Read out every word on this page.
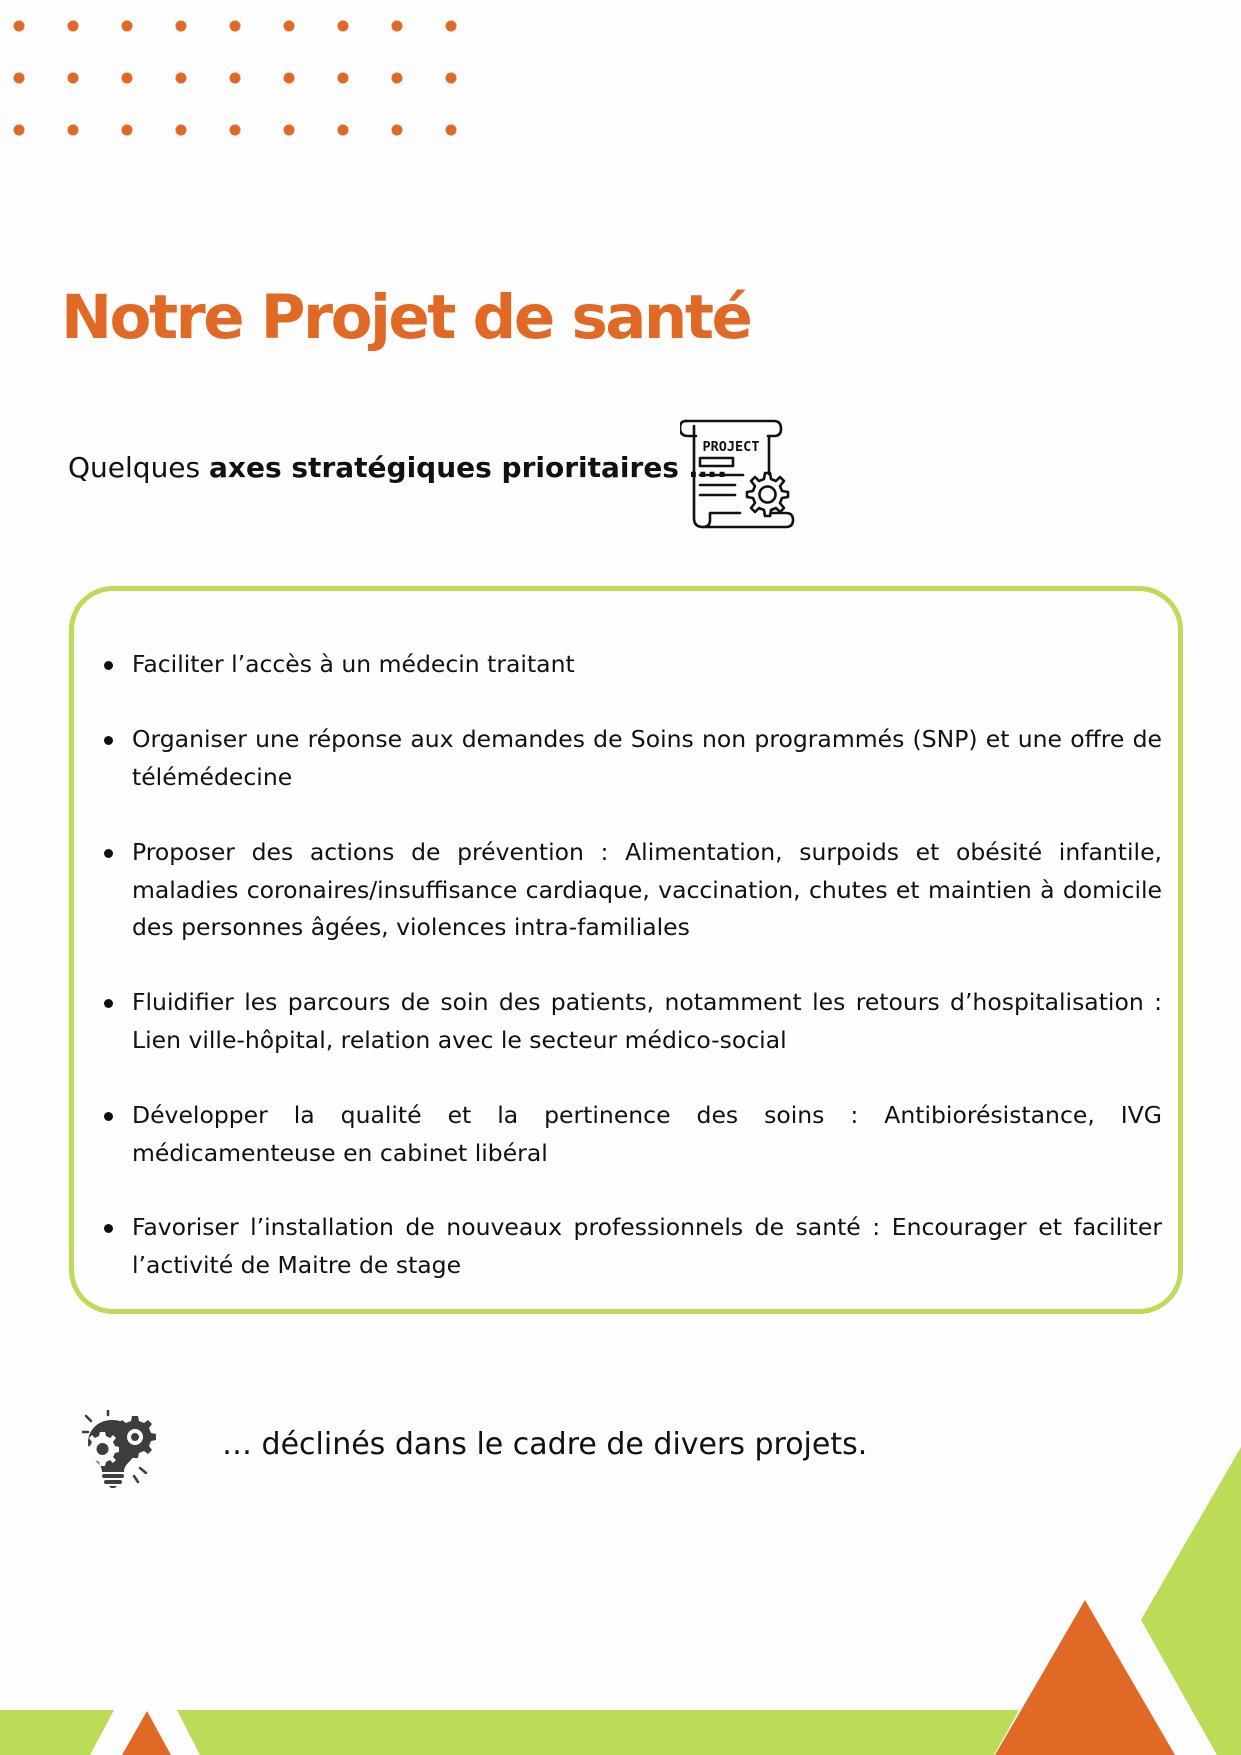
Notre Projet de santé

Quelques axes stratégiques prioritaires ….

PROJECT
Faciliter l’accès à un médecin traitant
Organiser une réponse aux demandes de Soins non programmés (SNP) et une offre de télémédecine
Proposer des actions de prévention : Alimentation, surpoids et obésité infantile, maladies coronaires/insuffisance cardiaque, vaccination, chutes et maintien à domicile des personnes âgées, violences intra-familiales
Fluidifier les parcours de soin des patients, notamment les retours d’hospitalisation : Lien ville-hôpital, relation avec le secteur médico-social
Développer la qualité et la pertinence des soins : Antibiorésistance, IVG médicamenteuse en cabinet libéral
Favoriser l’installation de nouveaux professionnels de santé : Encourager et faciliter l’activité de Maitre de stage

… déclinés dans le cadre de divers projets.
